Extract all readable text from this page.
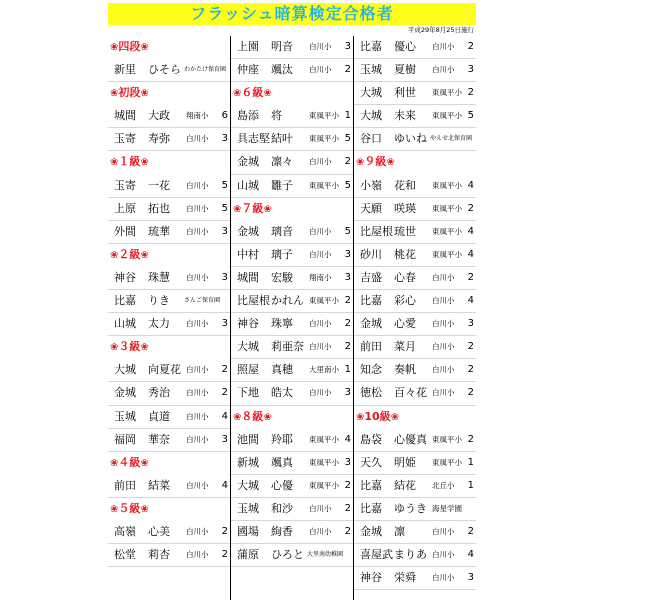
フラッシュ暗算検定合格者
平成29年8月25日施行
❀四段❀
新里 ひそら わかたけ保育園
❀初段❀
城間 大政 翔南小 6
玉寄 寿弥 白川小 3
❀１級❀
玉寄 一花 白川小 5
上原 拓也 白川小 5
外間 琉華 白川小 3
❀２級❀
神谷 珠慧 白川小 3
比嘉 りき さんご保育園
山城 太力 白川小 3
❀３級❀
大城 向夏花 白川小 2
金城 秀治 白川小 2
玉城 貞道 白川小 4
福岡 華奈 白川小 3
❀４級❀
前田 結菜 白川小 4
❀５級❀
高嶺 心美 白川小 2
松堂 莉杏 白川小 2
上園 明音 白川小 3
仲座 颯汰 白川小 2
❀６級❀
島添 将	東風平小 1
具志堅 結叶 東風平小 5
金城 凛々 白川小 2
山城 雛子 東風平小 5
❀７級❀
金城 璃音 白川小 5
中村 璃子 白川小 3
城間 宏駿 翔南小 3
比屋根 かれん 東風平小 2
神谷 珠寧 白川小 2
大城 莉亜奈 白川小 2
照屋 真穂 大里南小 1
下地 皓太 白川小 3
❀８級❀
池間 羚耶 東風平小 4
新城 颯真 東風平小 3
大城 心優 東風平小 2
玉城 和沙 白川小 2
國場 絢香 白川小 2
蒲原 ひろと 大里南幼稚園
比嘉 優心 白川小 2
玉城 夏樹 白川小 3
大城 利世 東風平小 2
大城 未来 東風平小 5
谷口 ゆいね やえせ北保育園
❀９級❀
小嶺 花和 東風平小 4
天願 咲瑛 東風平小 2
比屋根 琉世 東風平小 4
砂川 桃花 東風平小 4
吉盛 心春 白川小 2
比嘉 彩心 白川小 4
金城 心愛 白川小 3
前田 菜月 白川小 2
知念 奏帆 白川小 2
徳松 百々花 白川小 2
❀10級❀
島袋 心優真 東風平小 2
天久 明姫 東風平小 1
比嘉 結花 北丘小 1
比嘉 ゆうき 海星学園
金城 凛	白川小 2
喜屋武 まりあ 白川小 4
神谷 栄舜 白川小 3
